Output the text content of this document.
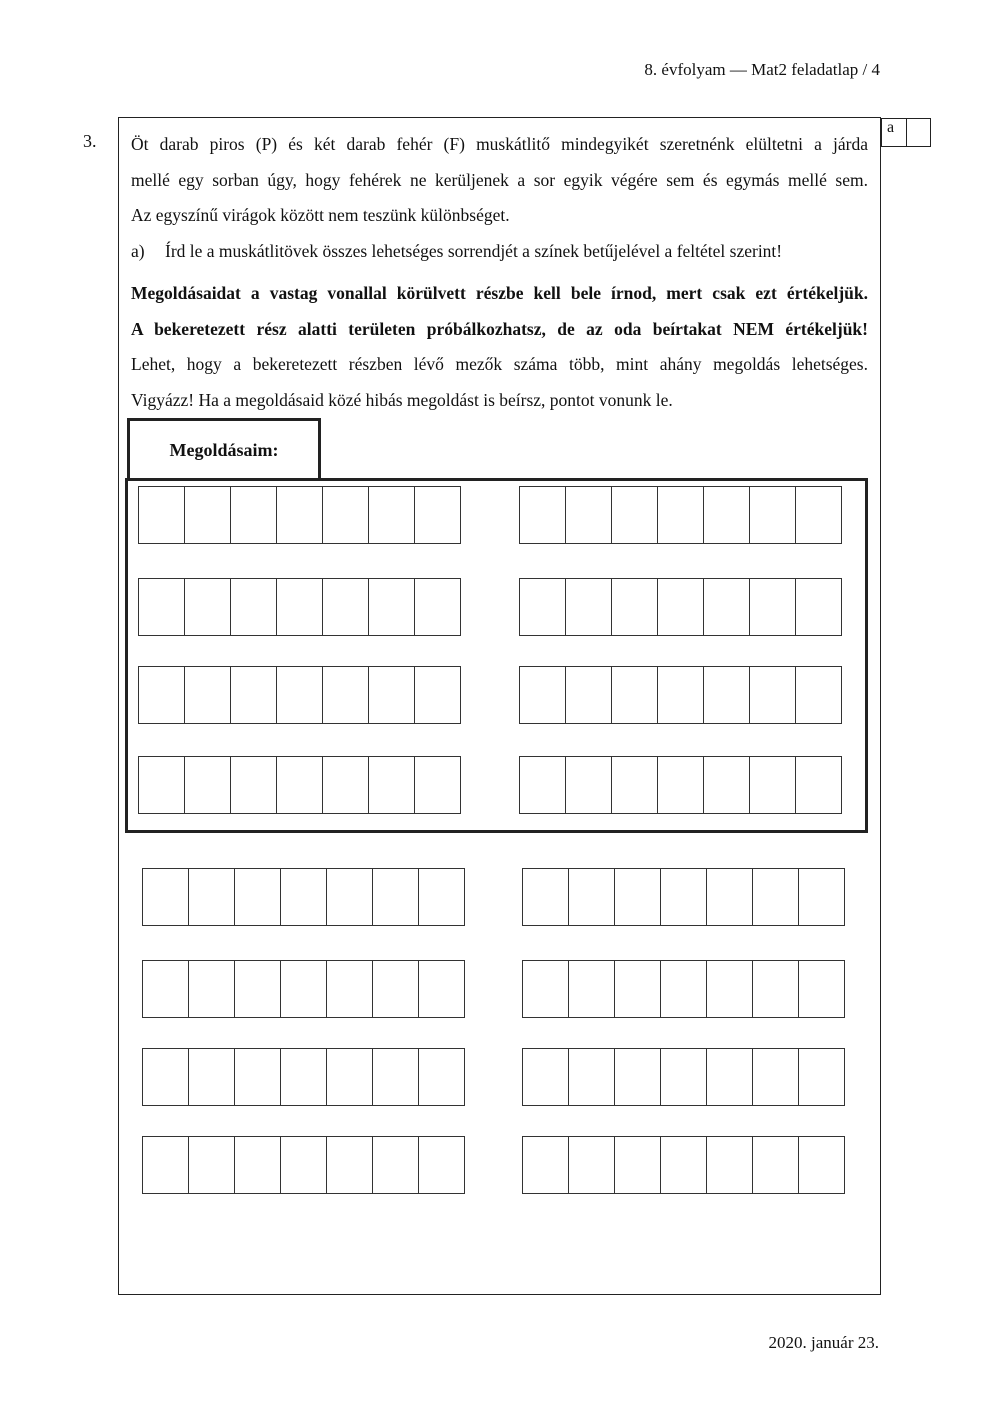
8. évfolyam — Mat2 feladatlap / 4
3.
a

Öt darab piros (P) és két darab fehér (F) muskátlitő mindegyikét szeretnénk elültetni a járda

mellé egy sorban úgy, hogy fehérek ne kerüljenek a sor egyik végére sem és egymás mellé sem.

Az egyszínű virágok között nem teszünk különbséget.

a)	Írd le a muskátlitövek összes lehetséges sorrendjét a színek betűjelével a feltétel szerint!

Megoldásaidat a vastag vonallal körülvett részbe kell bele írnod, mert csak ezt értékeljük.

A bekeretezett rész alatti területen próbálkozhatsz, de az oda beírtakat NEM értékeljük!

Lehet, hogy a bekeretezett részben lévő mezők száma több, mint ahány megoldás lehetséges.

Vigyázz! Ha a megoldásaid közé hibás megoldást is beírsz, pontot vonunk le.

Megoldásaim:
2020. január 23.
